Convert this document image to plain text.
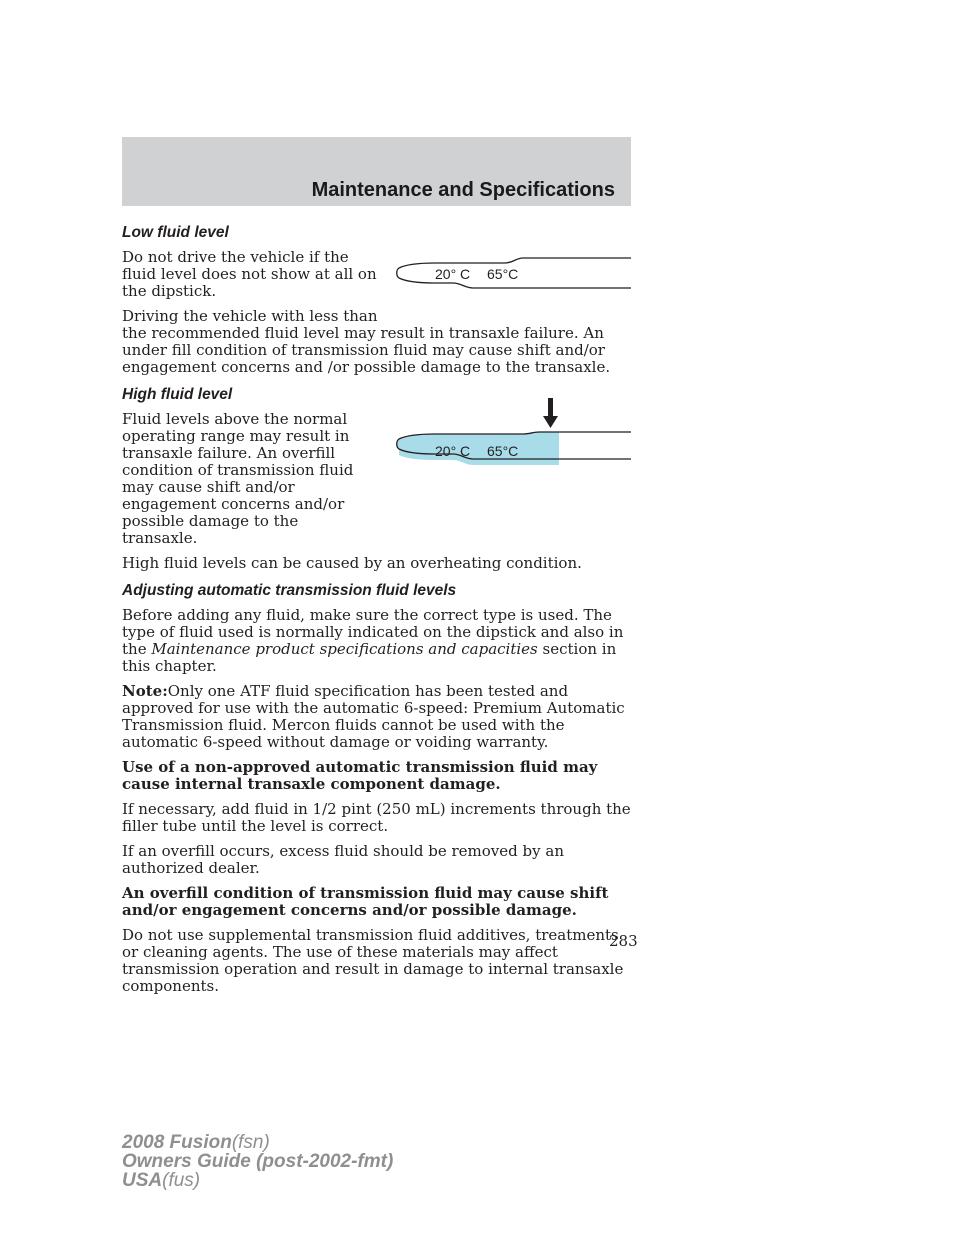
Maintenance and Specifications
20° C 65°C
20° C 65°C
Low fluid level

Do not drive the vehicle if the fluid level does not show at all on the dipstick.

Driving the vehicle with less than
the recommended fluid level may result in transaxle failure. An under fill condition of transmission fluid may cause shift and/or engagement concerns and /or possible damage to the transaxle.

High fluid level

Fluid levels above the normal operating range may result in transaxle failure. An overfill condition of transmission fluid may cause shift and/or engagement concerns and/or possible damage to the transaxle.

High fluid levels can be caused by an overheating condition.

Adjusting automatic transmission fluid levels

Before adding any fluid, make sure the correct type is used. The type of fluid used is normally indicated on the dipstick and also in the Maintenance product specifications and capacities section in this chapter.

Note:Only one ATF fluid specification has been tested and approved for use with the automatic 6-speed: Premium Automatic Transmission fluid. Mercon fluids cannot be used with the automatic 6-speed without damage or voiding warranty.

Use of a non-approved automatic transmission fluid may cause internal transaxle component damage.

If necessary, add fluid in 1/2 pint (250 mL) increments through the filler tube until the level is correct.

If an overfill occurs, excess fluid should be removed by an authorized dealer.

An overfill condition of transmission fluid may cause shift and/or engagement concerns and/or possible damage.

Do not use supplemental transmission fluid additives, treatments or cleaning agents. The use of these materials may affect transmission operation and result in damage to internal transaxle components.

283
2008 Fusion(fsn)
Owners Guide (post-2002-fmt)
USA(fus)
